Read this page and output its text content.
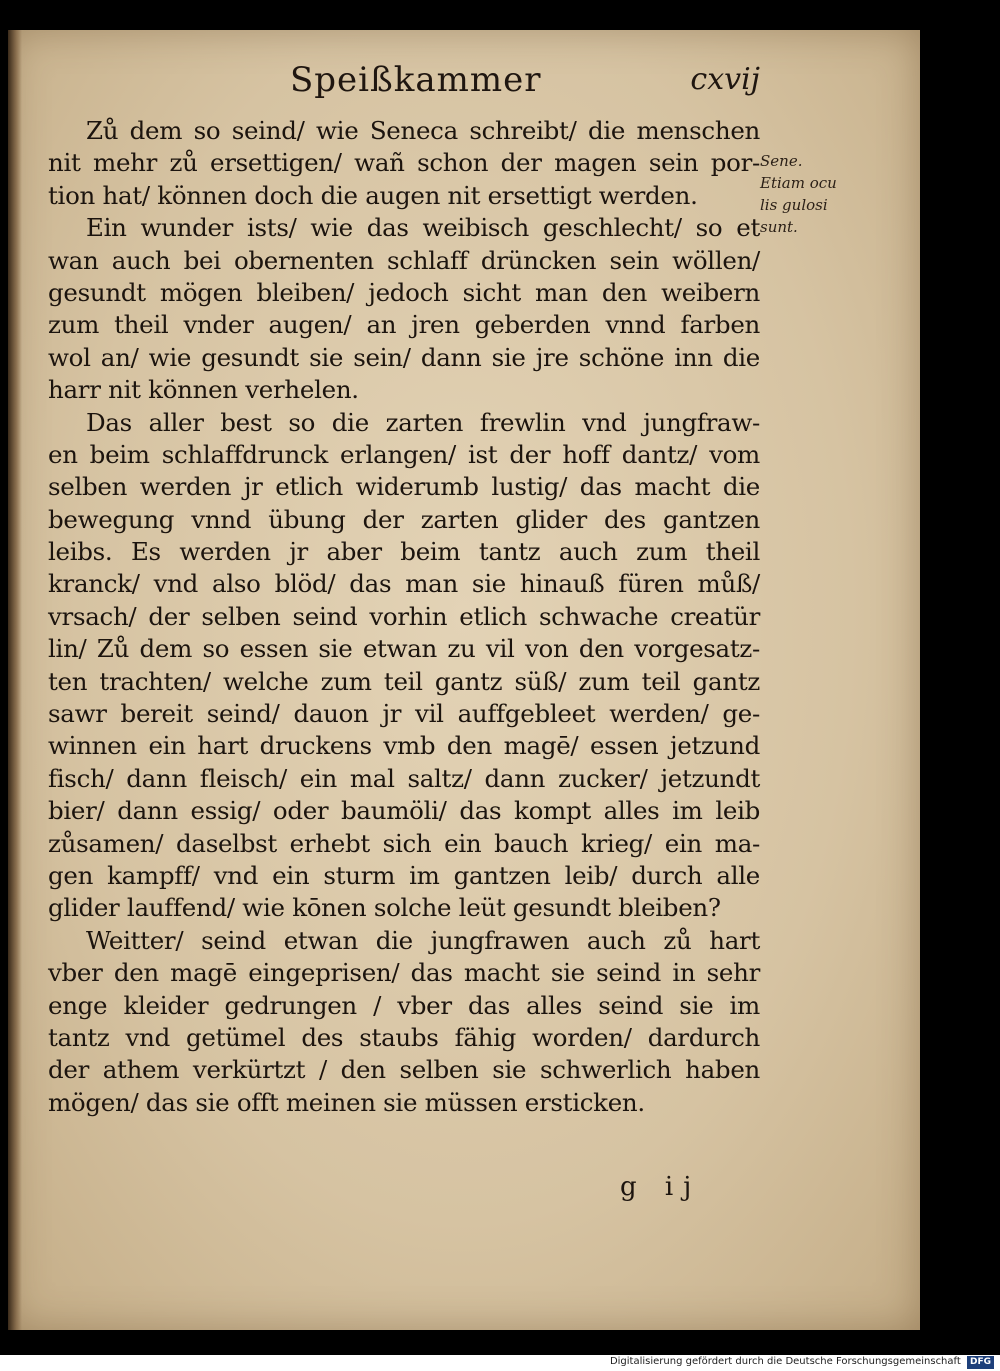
Speißkammer	cxvij
Sene.
Etiam ocu
lis gulosi
sunt.
Zů dem so seind/ wie Seneca schreibt/ die menschen
nit mehr zů ersettigen/ wañ schon der magen sein por-
tion hat/ können doch die augen nit ersettigt werden.
Ein wunder ists/ wie das weibisch geschlecht/ so et
wan auch bei obernenten schlaff drüncken sein wöllen/
gesundt mögen bleiben/ jedoch sicht man den weibern
zum theil vnder augen/ an jren geberden vnnd farben
wol an/ wie gesundt sie sein/ dann sie jre schöne inn die
harr nit können verhelen.
Das aller best so die zarten frewlin vnd jungfraw-
en beim schlaffdrunck erlangen/ ist der hoff dantz/ vom
selben werden jr etlich widerumb lustig/ das macht die
bewegung vnnd übung der zarten glider des gantzen
leibs. Es werden jr aber beim tantz auch zum theil
kranck/ vnd also blöd/ das man sie hinauß füren můß/
vrsach/ der selben seind vorhin etlich schwache creatür
lin/ Zů dem so essen sie etwan zu vil von den vorgesatz-
ten trachten/ welche zum teil gantz süß/ zum teil gantz
sawr bereit seind/ dauon jr vil auffgebleet werden/ ge-
winnen ein hart druckens vmb den magē/ essen jetzund
fisch/ dann fleisch/ ein mal saltz/ dann zucker/ jetzundt
bier/ dann essig/ oder baumöli/ das kompt alles im leib
zůsamen/ daselbst erhebt sich ein bauch krieg/ ein ma-
gen kampff/ vnd ein sturm im gantzen leib/ durch alle
glider lauffend/ wie kōnen solche leüt gesundt bleiben?
Weitter/ seind etwan die jungfrawen auch zů hart
vber den magē eingeprisen/ das macht sie seind in sehr
enge kleider gedrungen / vber das alles seind sie im
tantz vnd getümel des staubs fähig worden/ dardurch
der athem verkürtzt / den selben sie schwerlich haben
mögen/ das sie offt meinen sie müssen ersticken.
g ij
Digitalisierung gefördert durch die Deutsche Forschungsgemeinschaft DFG
